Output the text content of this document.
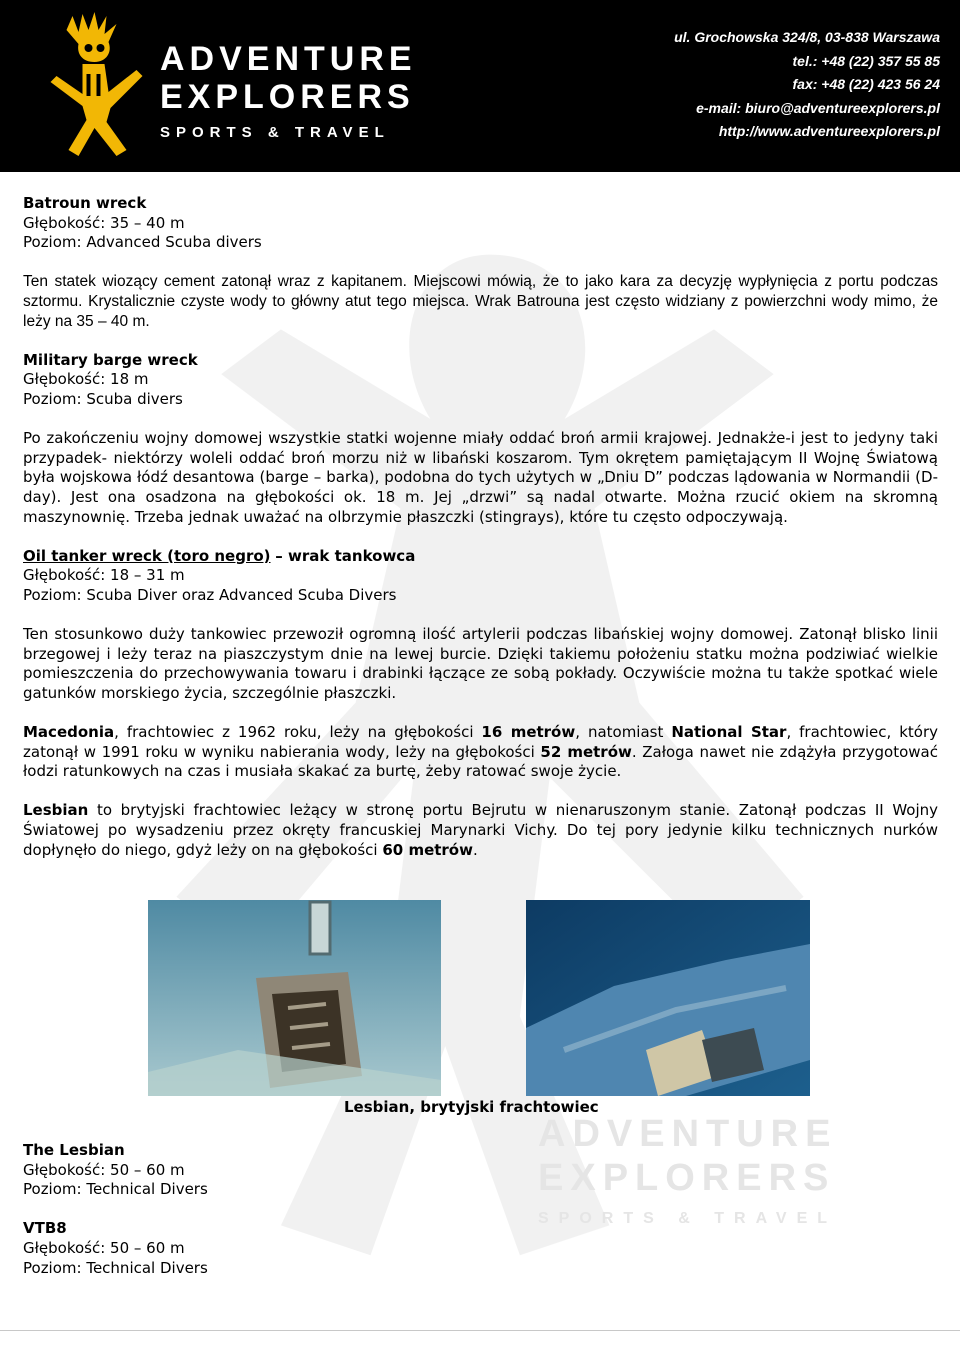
ADVENTURE
EXPLORERS
SPORTS & TRAVEL
ADVENTURE
EXPLORERS
SPORTS & TRAVEL
ul. Grochowska 324/8, 03-838 Warszawa
tel.: +48 (22) 357 55 85
fax: +48 (22) 423 56 24
e-mail: biuro@adventureexplorers.pl
http://www.adventureexplorers.pl

Batroun wreck

Głębokość: 35 – 40 m

Poziom: Advanced Scuba divers

Ten statek wiozący cement zatonął wraz z kapitanem. Miejscowi mówią, że to jako kara za decyzję wypłynięcia z portu podczas sztormu. Krystalicznie czyste wody to główny atut tego miejsca. Wrak Batrouna jest często widziany z powierzchni wody mimo, że leży na 35 – 40 m.

Military barge wreck

Głębokość: 18 m

Poziom: Scuba divers

Po zakończeniu wojny domowej wszystkie statki wojenne miały oddać broń armii krajowej. Jednakże-i jest to jedyny taki przypadek- niektórzy woleli oddać broń morzu niż w libański koszarom. Tym okrętem pamiętającym II Wojnę Światową była wojskowa łódź desantowa (barge – barka), podobna do tych użytych w „Dniu D” podczas lądowania w Normandii (D-day). Jest ona osadzona na głębokości ok. 18 m. Jej „drzwi” są nadal otwarte. Można rzucić okiem na skromną maszynownię. Trzeba jednak uważać na olbrzymie płaszczki (stingrays), które tu często odpoczywają.

Oil tanker wreck (toro negro) – wrak tankowca

Głębokość: 18 – 31 m

Poziom: Scuba Diver oraz Advanced Scuba Divers

Ten stosunkowo duży tankowiec przewoził ogromną ilość artylerii podczas libańskiej wojny domowej. Zatonął blisko linii brzegowej i leży teraz na piaszczystym dnie na lewej burcie. Dzięki takiemu położeniu statku można podziwiać wielkie pomieszczenia do przechowywania towaru i drabinki łączące ze sobą pokłady. Oczywiście można tu także spotkać wiele gatunków morskiego życia, szczególnie płaszczki.

Macedonia, frachtowiec z 1962 roku, leży na głębokości 16 metrów, natomiast National Star, frachtowiec, który zatonął w 1991 roku w wyniku nabierania wody, leży na głębokości 52 metrów. Załoga nawet nie zdążyła przygotować łodzi ratunkowych na czas i musiała skakać za burtę, żeby ratować swoje życie.

Lesbian to brytyjski frachtowiec leżący w stronę portu Bejrutu w nienaruszonym stanie. Zatonął podczas II Wojny Światowej po wysadzeniu przez okręty francuskiej Marynarki Vichy. Do tej pory jedynie kilku technicznych nurków dopłynęło do niego, gdyż leży on na głębokości 60 metrów.

Lesbian, brytyjski frachtowiec

The Lesbian

Głębokość: 50 – 60 m

Poziom: Technical Divers

VTB8

Głębokość: 50 – 60 m

Poziom: Technical Divers
